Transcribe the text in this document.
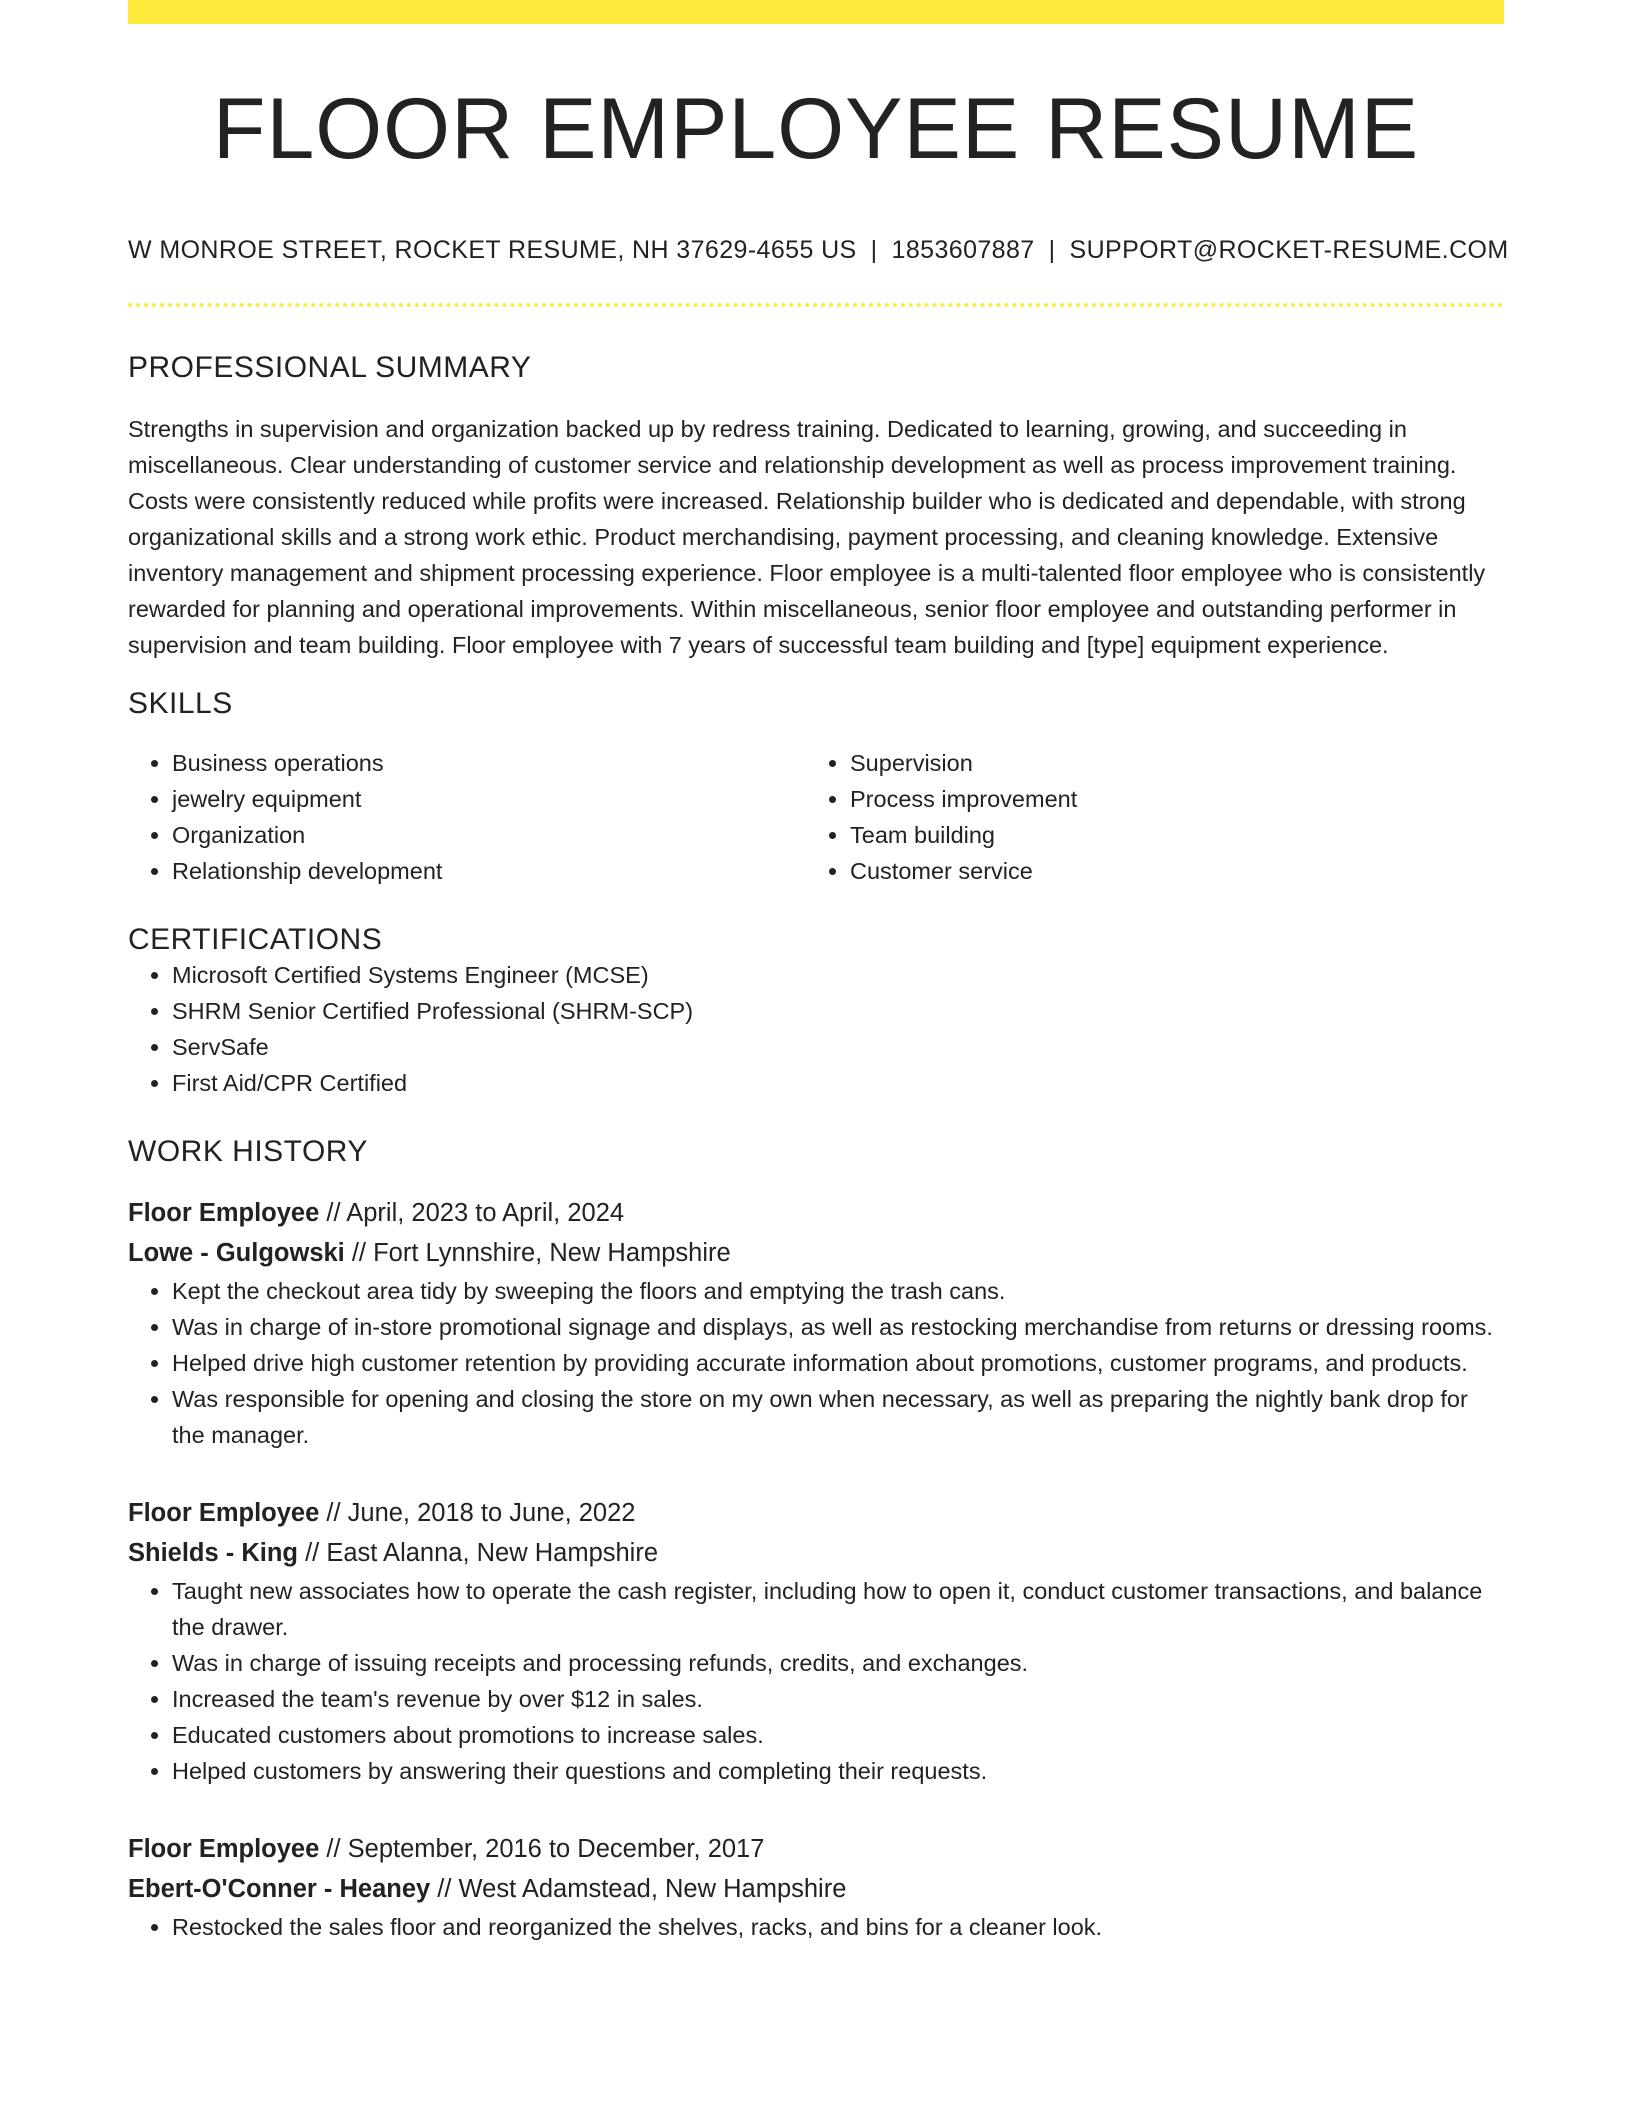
FLOOR EMPLOYEE RESUME
W MONROE STREET, ROCKET RESUME, NH 37629-4655 US | 1853607887 | SUPPORT@ROCKET-RESUME.COM
PROFESSIONAL SUMMARY

Strengths in supervision and organization backed up by redress training. Dedicated to learning, growing, and succeeding in miscellaneous. Clear understanding of customer service and relationship development as well as process improvement training. Costs were consistently reduced while profits were increased. Relationship builder who is dedicated and dependable, with strong organizational skills and a strong work ethic. Product merchandising, payment processing, and cleaning knowledge. Extensive inventory management and shipment processing experience. Floor employee is a multi-talented floor employee who is consistently rewarded for planning and operational improvements. Within miscellaneous, senior floor employee and outstanding performer in supervision and team building. Floor employee with 7 years of successful team building and [type] equipment experience.

SKILLS
• Business operations
• jewelry equipment
• Organization
• Relationship development
• Supervision
• Process improvement
• Team building
• Customer service
CERTIFICATIONS
• Microsoft Certified Systems Engineer (MCSE)
• SHRM Senior Certified Professional (SHRM-SCP)
• ServSafe
• First Aid/CPR Certified
WORK HISTORY
Floor Employee // April, 2023 to April, 2024
Lowe - Gulgowski // Fort Lynnshire, New Hampshire
• Kept the checkout area tidy by sweeping the floors and emptying the trash cans.
• Was in charge of in-store promotional signage and displays, as well as restocking merchandise from returns or dressing rooms.
• Helped drive high customer retention by providing accurate information about promotions, customer programs, and products.
• Was responsible for opening and closing the store on my own when necessary, as well as preparing the nightly bank drop for the manager.
Floor Employee // June, 2018 to June, 2022
Shields - King // East Alanna, New Hampshire
• Taught new associates how to operate the cash register, including how to open it, conduct customer transactions, and balance the drawer.
• Was in charge of issuing receipts and processing refunds, credits, and exchanges.
• Increased the team's revenue by over $12 in sales.
• Educated customers about promotions to increase sales.
• Helped customers by answering their questions and completing their requests.
Floor Employee // September, 2016 to December, 2017
Ebert-O'Conner - Heaney // West Adamstead, New Hampshire
• Restocked the sales floor and reorganized the shelves, racks, and bins for a cleaner look.
